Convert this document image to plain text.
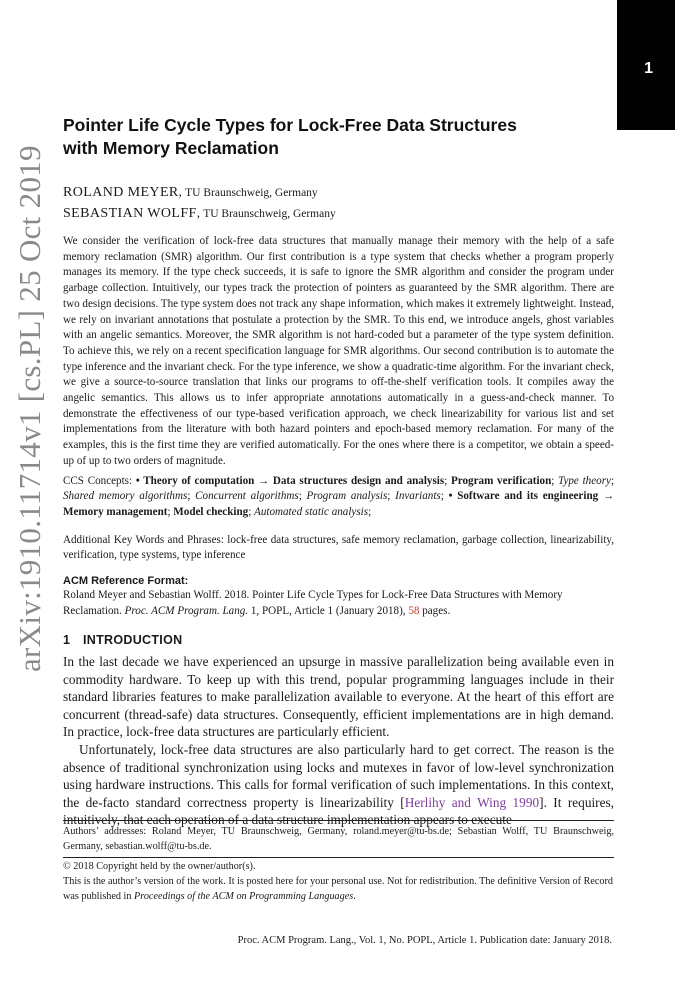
1
arXiv:1910.11714v1 [cs.PL] 25 Oct 2019
Pointer Life Cycle Types for Lock-Free Data Structures
with Memory Reclamation
ROLAND MEYER, TU Braunschweig, Germany
SEBASTIAN WOLFF, TU Braunschweig, Germany

We consider the verification of lock-free data structures that manually manage their memory with the help of a safe memory reclamation (SMR) algorithm. Our first contribution is a type system that checks whether a program properly manages its memory. If the type check succeeds, it is safe to ignore the SMR algorithm and consider the program under garbage collection. Intuitively, our types track the protection of pointers as guaranteed by the SMR algorithm. There are two design decisions. The type system does not track any shape information, which makes it extremely lightweight. Instead, we rely on invariant annotations that postulate a protection by the SMR. To this end, we introduce angels, ghost variables with an angelic semantics. Moreover, the SMR algorithm is not hard-coded but a parameter of the type system definition. To achieve this, we rely on a recent specification language for SMR algorithms. Our second contribution is to automate the type inference and the invariant check. For the type inference, we show a quadratic-time algorithm. For the invariant check, we give a source-to-source translation that links our programs to off-the-shelf verification tools. It compiles away the angelic semantics. This allows us to infer appropriate annotations automatically in a guess-and-check manner. To demonstrate the effectiveness of our type-based verification approach, we check linearizability for various list and set implementations from the literature with both hazard pointers and epoch-based memory reclamation. For many of the examples, this is the first time they are verified automatically. For the ones where there is a competitor, we obtain a speed-up of up to two orders of magnitude.

CCS Concepts: • Theory of computation → Data structures design and analysis; Program verification; Type theory; Shared memory algorithms; Concurrent algorithms; Program analysis; Invariants; • Software and its engineering → Memory management; Model checking; Automated static analysis;

Additional Key Words and Phrases: lock-free data structures, safe memory reclamation, garbage collection, linearizability, verification, type systems, type inference

ACM Reference Format:

Roland Meyer and Sebastian Wolff. 2018. Pointer Life Cycle Types for Lock-Free Data Structures with Memory Reclamation. Proc. ACM Program. Lang. 1, POPL, Article 1 (January 2018), 58 pages.

1 INTRODUCTION

In the last decade we have experienced an upsurge in massive parallelization being available even in commodity hardware. To keep up with this trend, popular programming languages include in their standard libraries features to make parallelization available to everyone. At the heart of this effort are concurrent (thread-safe) data structures. Consequently, efficient implementations are in high demand. In practice, lock-free data structures are particularly efficient.

Unfortunately, lock-free data structures are also particularly hard to get correct. The reason is the absence of traditional synchronization using locks and mutexes in favor of low-level synchronization using hardware instructions. This calls for formal verification of such implementations. In this context, the de-facto standard correctness property is linearizability [Herlihy and Wing 1990]. It requires, intuitively, that each operation of a data structure implementation appears to execute

Authors’ addresses: Roland Meyer, TU Braunschweig, Germany, roland.meyer@tu-bs.de; Sebastian Wolff, TU Braunschweig, Germany, sebastian.wolff@tu-bs.de.

© 2018 Copyright held by the owner/author(s).
This is the author’s version of the work. It is posted here for your personal use. Not for redistribution. The definitive Version of Record was published in Proceedings of the ACM on Programming Languages.
Proc. ACM Program. Lang., Vol. 1, No. POPL, Article 1. Publication date: January 2018.
